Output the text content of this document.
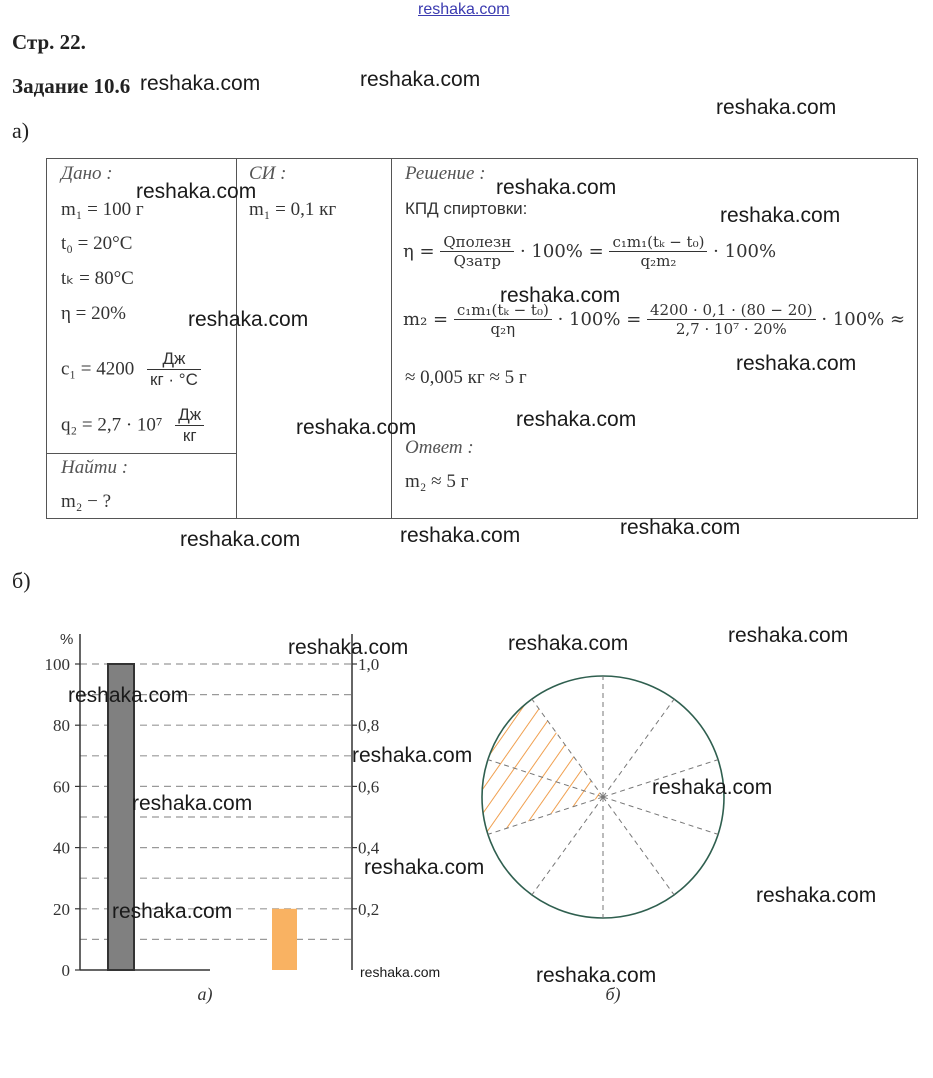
reshaka.com
Стр. 22.
Задание 10.6
а)
Дано :
m₁ = 100 г
t₀ = 20°C
tₖ = 80°C
η = 20%
$c_1 = 4200 \frac{Дж}{кг \cdot ^\circ C}$
$q_2 = 2,7 \cdot 10^7 \frac{Дж}{кг}$
Найти :
m₂ − ?
СИ :
m₁ = 0,1 кг
Решение :
КПД спиртовки:
$\eta = \frac{\text{Qполезн}}{\text{Qзатр}} \cdot 100\% = \frac{\text{c₁m₁(tₖ − t₀)}}{\text{q₂m₂}} \cdot 100\%$
$m_2 = \frac{\text{c₁m₁(tₖ − t₀)}}{\text{q₂η}} \cdot 100\% = \frac{4200 \cdot 0,1 \cdot (80 - 20)}{\text{2,7 · 10⁷ · 20\%}} \cdot 100\%$ ≈
≈ 0,005 кг ≈ 5 г
Ответ :
m₂ ≈ 5 г
б)
%
0
20
40
60
80
100
0,2
0,4
0,6
0,8
1,0
а)	б)
reshaka.com	reshaka.com
reshaka.com
reshaka.com	reshaka.com
reshaka.com
reshaka.com
reshaka.com
reshaka.com
reshaka.com
reshaka.com
reshaka.com
reshaka.com
reshaka.com
reshaka.com	reshaka.com	reshaka.com
reshaka.com
reshaka.com
reshaka.com
reshaka.com
reshaka.com
reshaka.com
reshaka.com
reshaka.com
reshaka.com
